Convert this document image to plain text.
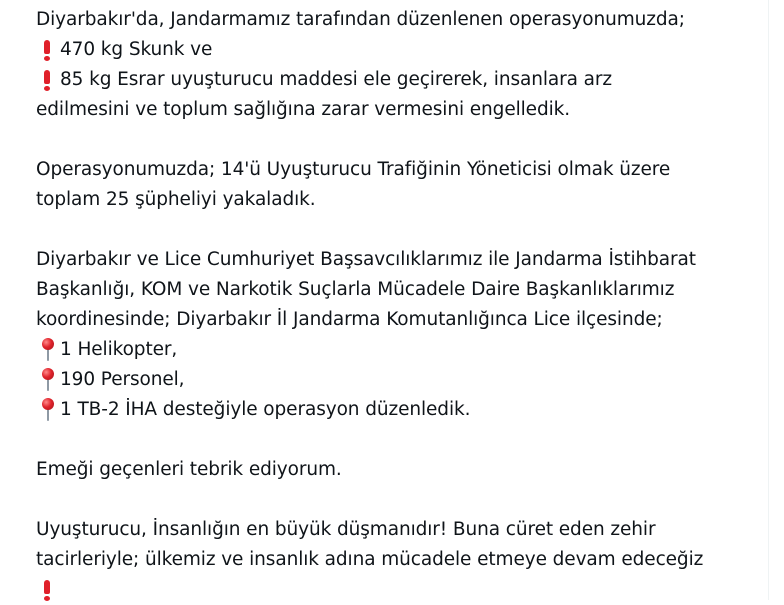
Diyarbakır'da, Jandarmamız tarafından düzenlenen operasyonumuzda;
470 kg Skunk ve
85 kg Esrar uyuşturucu maddesi ele geçirerek, insanlara arz
edilmesini ve toplum sağlığına zarar vermesini engelledik.
Operasyonumuzda; 14'ü Uyuşturucu Trafiğinin Yöneticisi olmak üzere
toplam 25 şüpheliyi yakaladık.
Diyarbakır ve Lice Cumhuriyet Başsavcılıklarımız ile Jandarma İstihbarat
Başkanlığı, KOM ve Narkotik Suçlarla Mücadele Daire Başkanlıklarımız
koordinesinde; Diyarbakır İl Jandarma Komutanlığınca Lice ilçesinde;
1 Helikopter,
190 Personel,
1 TB-2 İHA desteğiyle operasyon düzenledik.
Emeği geçenleri tebrik ediyorum.
Uyuşturucu, İnsanlığın en büyük düşmanıdır! Buna cüret eden zehir
tacirleriyle; ülkemiz ve insanlık adına mücadele etmeye devam edeceğiz
